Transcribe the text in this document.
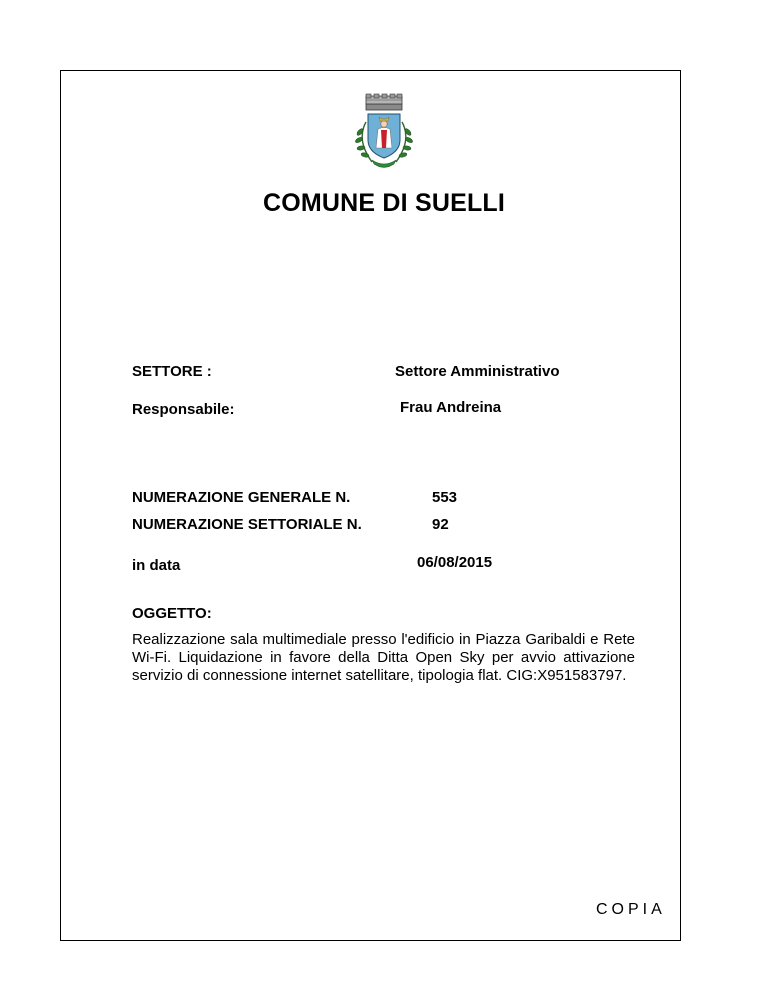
COMUNE DI SUELLI
SETTORE :	Settore Amministrativo
Responsabile:	Frau Andreina
NUMERAZIONE GENERALE N.	553
NUMERAZIONE SETTORIALE N.	92
in data	06/08/2015
OGGETTO:
Realizzazione sala multimediale presso l'edificio in Piazza Garibaldi e Rete Wi-Fi. Liquidazione in favore della Ditta Open Sky per avvio attivazione servizio di connessione internet satellitare, tipologia flat. CIG:X951583797.
COPIA
